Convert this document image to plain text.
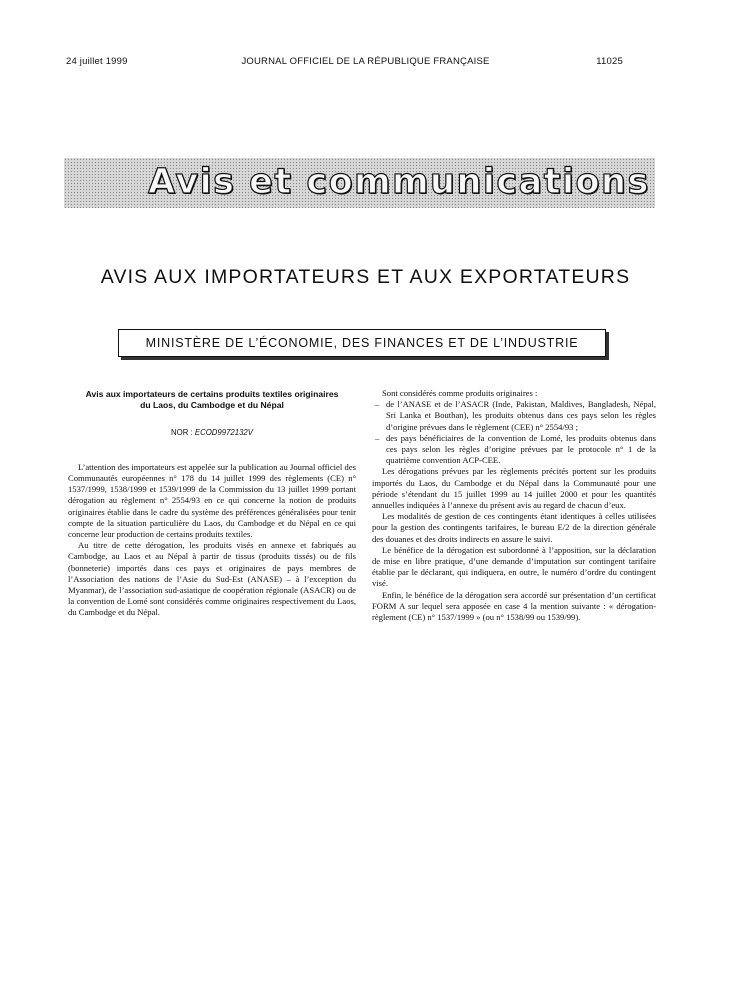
24 juillet 1999	JOURNAL OFFICIEL DE LA RÉPUBLIQUE FRANÇAISE	11025
Avis et communications
AVIS AUX IMPORTATEURS ET AUX EXPORTATEURS
MINISTÈRE DE L’ÉCONOMIE, DES FINANCES ET DE L’INDUSTRIE
Avis aux importateurs de certains produits textiles originaires du Laos, du Cambodge et du Népal
NOR : ECOD9972132V

L’attention des importateurs est appelée sur la publication au Journal officiel des Communautés européennes n° 178 du 14 juillet 1999 des règlements (CE) n° 1537/1999, 1538/1999 et 1539/1999 de la Commission du 13 juillet 1999 portant dérogation au règlement n° 2554/93 en ce qui concerne la notion de produits originaires établie dans le cadre du système des préférences généralisées pour tenir compte de la situation particulière du Laos, du Cambodge et du Népal en ce qui concerne leur production de certains produits textiles.

Au titre de cette dérogation, les produits visés en annexe et fabriqués au Cambodge, au Laos et au Népal à partir de tissus (produits tissés) ou de fils (bonneterie) importés dans ces pays et originaires de pays membres de l’Association des nations de l’Asie du Sud-Est (ANASE) – à l’exception du Myanmar), de l’association sud-asiatique de coopération régionale (ASACR) ou de la convention de Lomé sont considérés comme originaires respectivement du Laos, du Cambodge et du Népal.

Sont considérés comme produits originaires :

– de l’ANASE et de l’ASACR (Inde, Pakistan, Maldives, Bangladesh, Népal, Sri Lanka et Bouthan), les produits obtenus dans ces pays selon les règles d’origine prévues dans le règlement (CEE) n° 2554/93 ;
– des pays bénéficiaires de la convention de Lomé, les produits obtenus dans ces pays selon les règles d’origine prévues par le protocole n° 1 de la quatrième convention ACP-CEE.

Les dérogations prévues par les règlements précités portent sur les produits importés du Laos, du Cambodge et du Népal dans la Communauté pour une période s’étendant du 15 juillet 1999 au 14 juillet 2000 et pour les quantités annuelles indiquées à l’annexe du présent avis au regard de chacun d’eux.

Les modalités de gestion de ces contingents étant identiques à celles utilisées pour la gestion des contingents tarifaires, le bureau E/2 de la direction générale des douanes et des droits indirects en assure le suivi.

Le bénéfice de la dérogation est subordonné à l’apposition, sur la déclaration de mise en libre pratique, d’une demande d’imputation sur contingent tarifaire établie par le déclarant, qui indiquera, en outre, le numéro d’ordre du contingent visé.

Enfin, le bénéfice de la dérogation sera accordé sur présentation d’un certificat FORM A sur lequel sera apposée en case 4 la mention suivante : « dérogation-règlement (CE) n° 1537/1999 » (ou n° 1538/99 ou 1539/99).
